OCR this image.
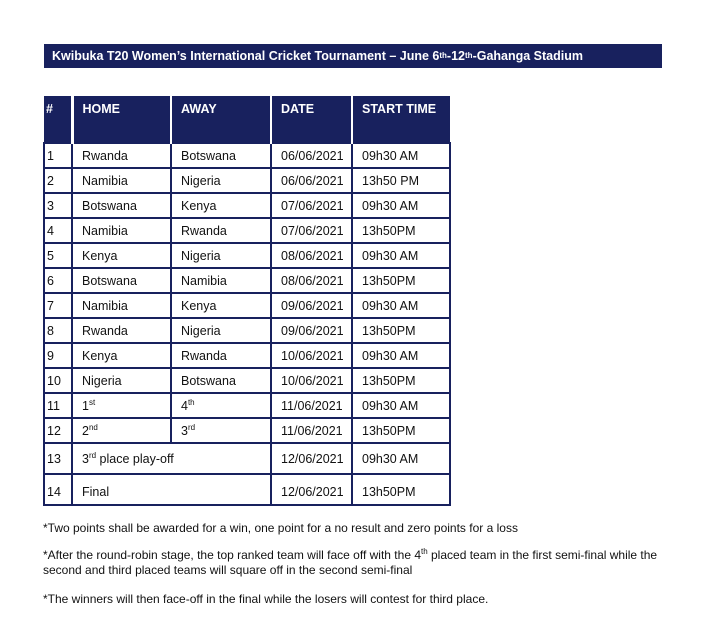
Kwibuka T20 Women’s International Cricket Tournament – June 6 th -12 th -Gahanga Stadium
#	HOME	AWAY	DATE	START TIME
1	Rwanda	Botswana	06/06/2021	09h30 AM
2	Namibia	Nigeria	06/06/2021	13h50 PM
3	Botswana	Kenya	07/06/2021	09h30 AM
4	Namibia	Rwanda	07/06/2021	13h50PM
5	Kenya	Nigeria	08/06/2021	09h30 AM
6	Botswana	Namibia	08/06/2021	13h50PM
7	Namibia	Kenya	09/06/2021	09h30 AM
8	Rwanda	Nigeria	09/06/2021	13h50PM
9	Kenya	Rwanda	10/06/2021	09h30 AM
10	Nigeria	Botswana	10/06/2021	13h50PM
11	1st	4th	11/06/2021	09h30 AM
12	2nd	3rd	11/06/2021	13h50PM
13	3rd place play-off		12/06/2021	09h30 AM
14	Final		12/06/2021	13h50PM

*Two points shall be awarded for a win, one point for a no result and zero points for a loss

*After the round-robin stage, the top ranked team will face off with the 4th placed team in the first semi-final while the second and third placed teams will square off in the second semi-final

*The winners will then face-off in the final while the losers will contest for third place.
